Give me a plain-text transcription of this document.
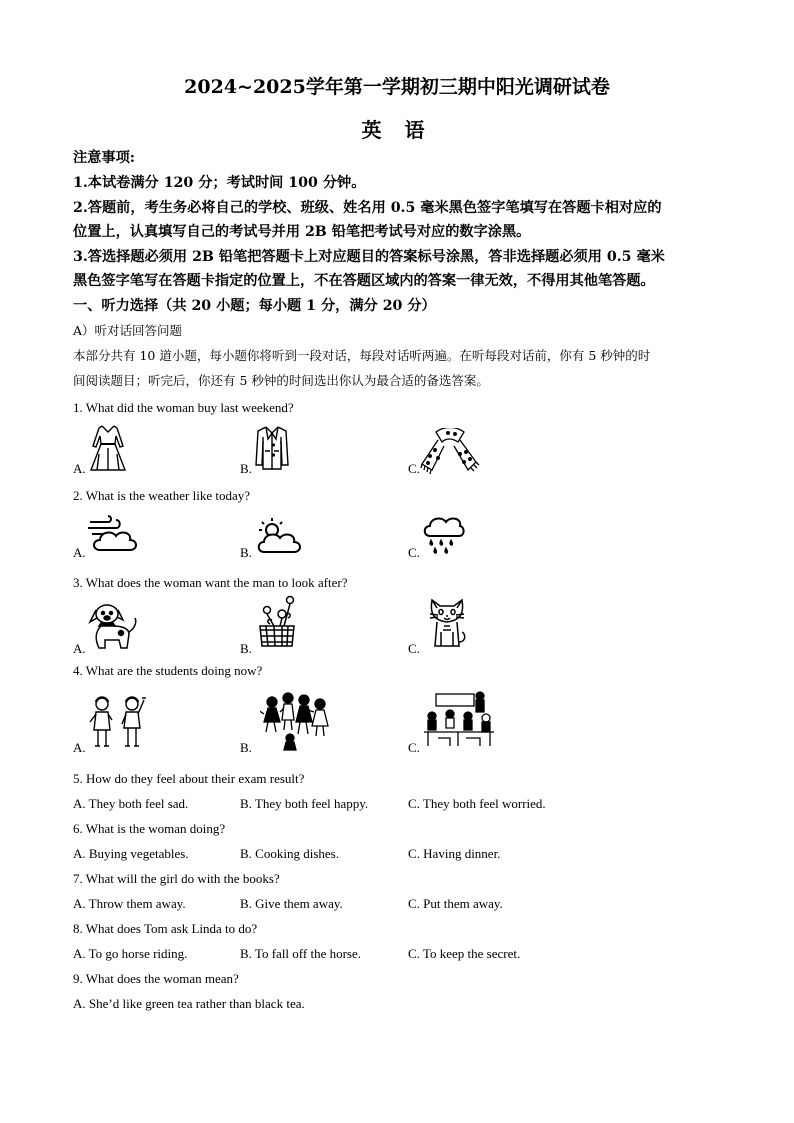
2024~2025学年第一学期初三期中阳光调研试卷
英 语
注意事项:
1.本试卷满分 120 分；考试时间 100 分钟。
2.答题前，考生务必将自己的学校、班级、姓名用 0.5 毫米黑色签字笔填写在答题卡相对应的
位置上，认真填写自己的考试号并用 2B 铅笔把考试号对应的数字涂黑。
3.答选择题必须用 2B 铅笔把答题卡上对应题目的答案标号涂黑，答非选择题必须用 0.5 毫米
黑色签字笔写在答题卡指定的位置上，不在答题区域内的答案一律无效，不得用其他笔答题。
一、听力选择（共 20 小题；每小题 1 分，满分 20 分）
A）听对话回答问题
本部分共有 10 道小题，每小题你将听到一段对话，每段对话听两遍。在听每段对话前，你有 5 秒钟的时
间阅读题目；听完后，你还有 5 秒钟的时间选出你认为最合适的备选答案。
1. What did the woman buy last weekend?
A.	B.	C.
2. What is the weather like today?
A.	B.	C.
3. What does the woman want the man to look after?
A.	B.	C.
4. What are the students doing now?
A.	B.	C.
5. How do they feel about their exam result?
A. They both feel sad.	B. They both feel happy.	C. They both feel worried.
6. What is the woman doing?
A. Buying vegetables.	B. Cooking dishes.	C. Having dinner.
7. What will the girl do with the books?
A. Throw them away.	B. Give them away.	C. Put them away.
8. What does Tom ask Linda to do?
A. To go horse riding.	B. To fall off the horse.	C. To keep the secret.
9. What does the woman mean?
A. She’d like green tea rather than black tea.
